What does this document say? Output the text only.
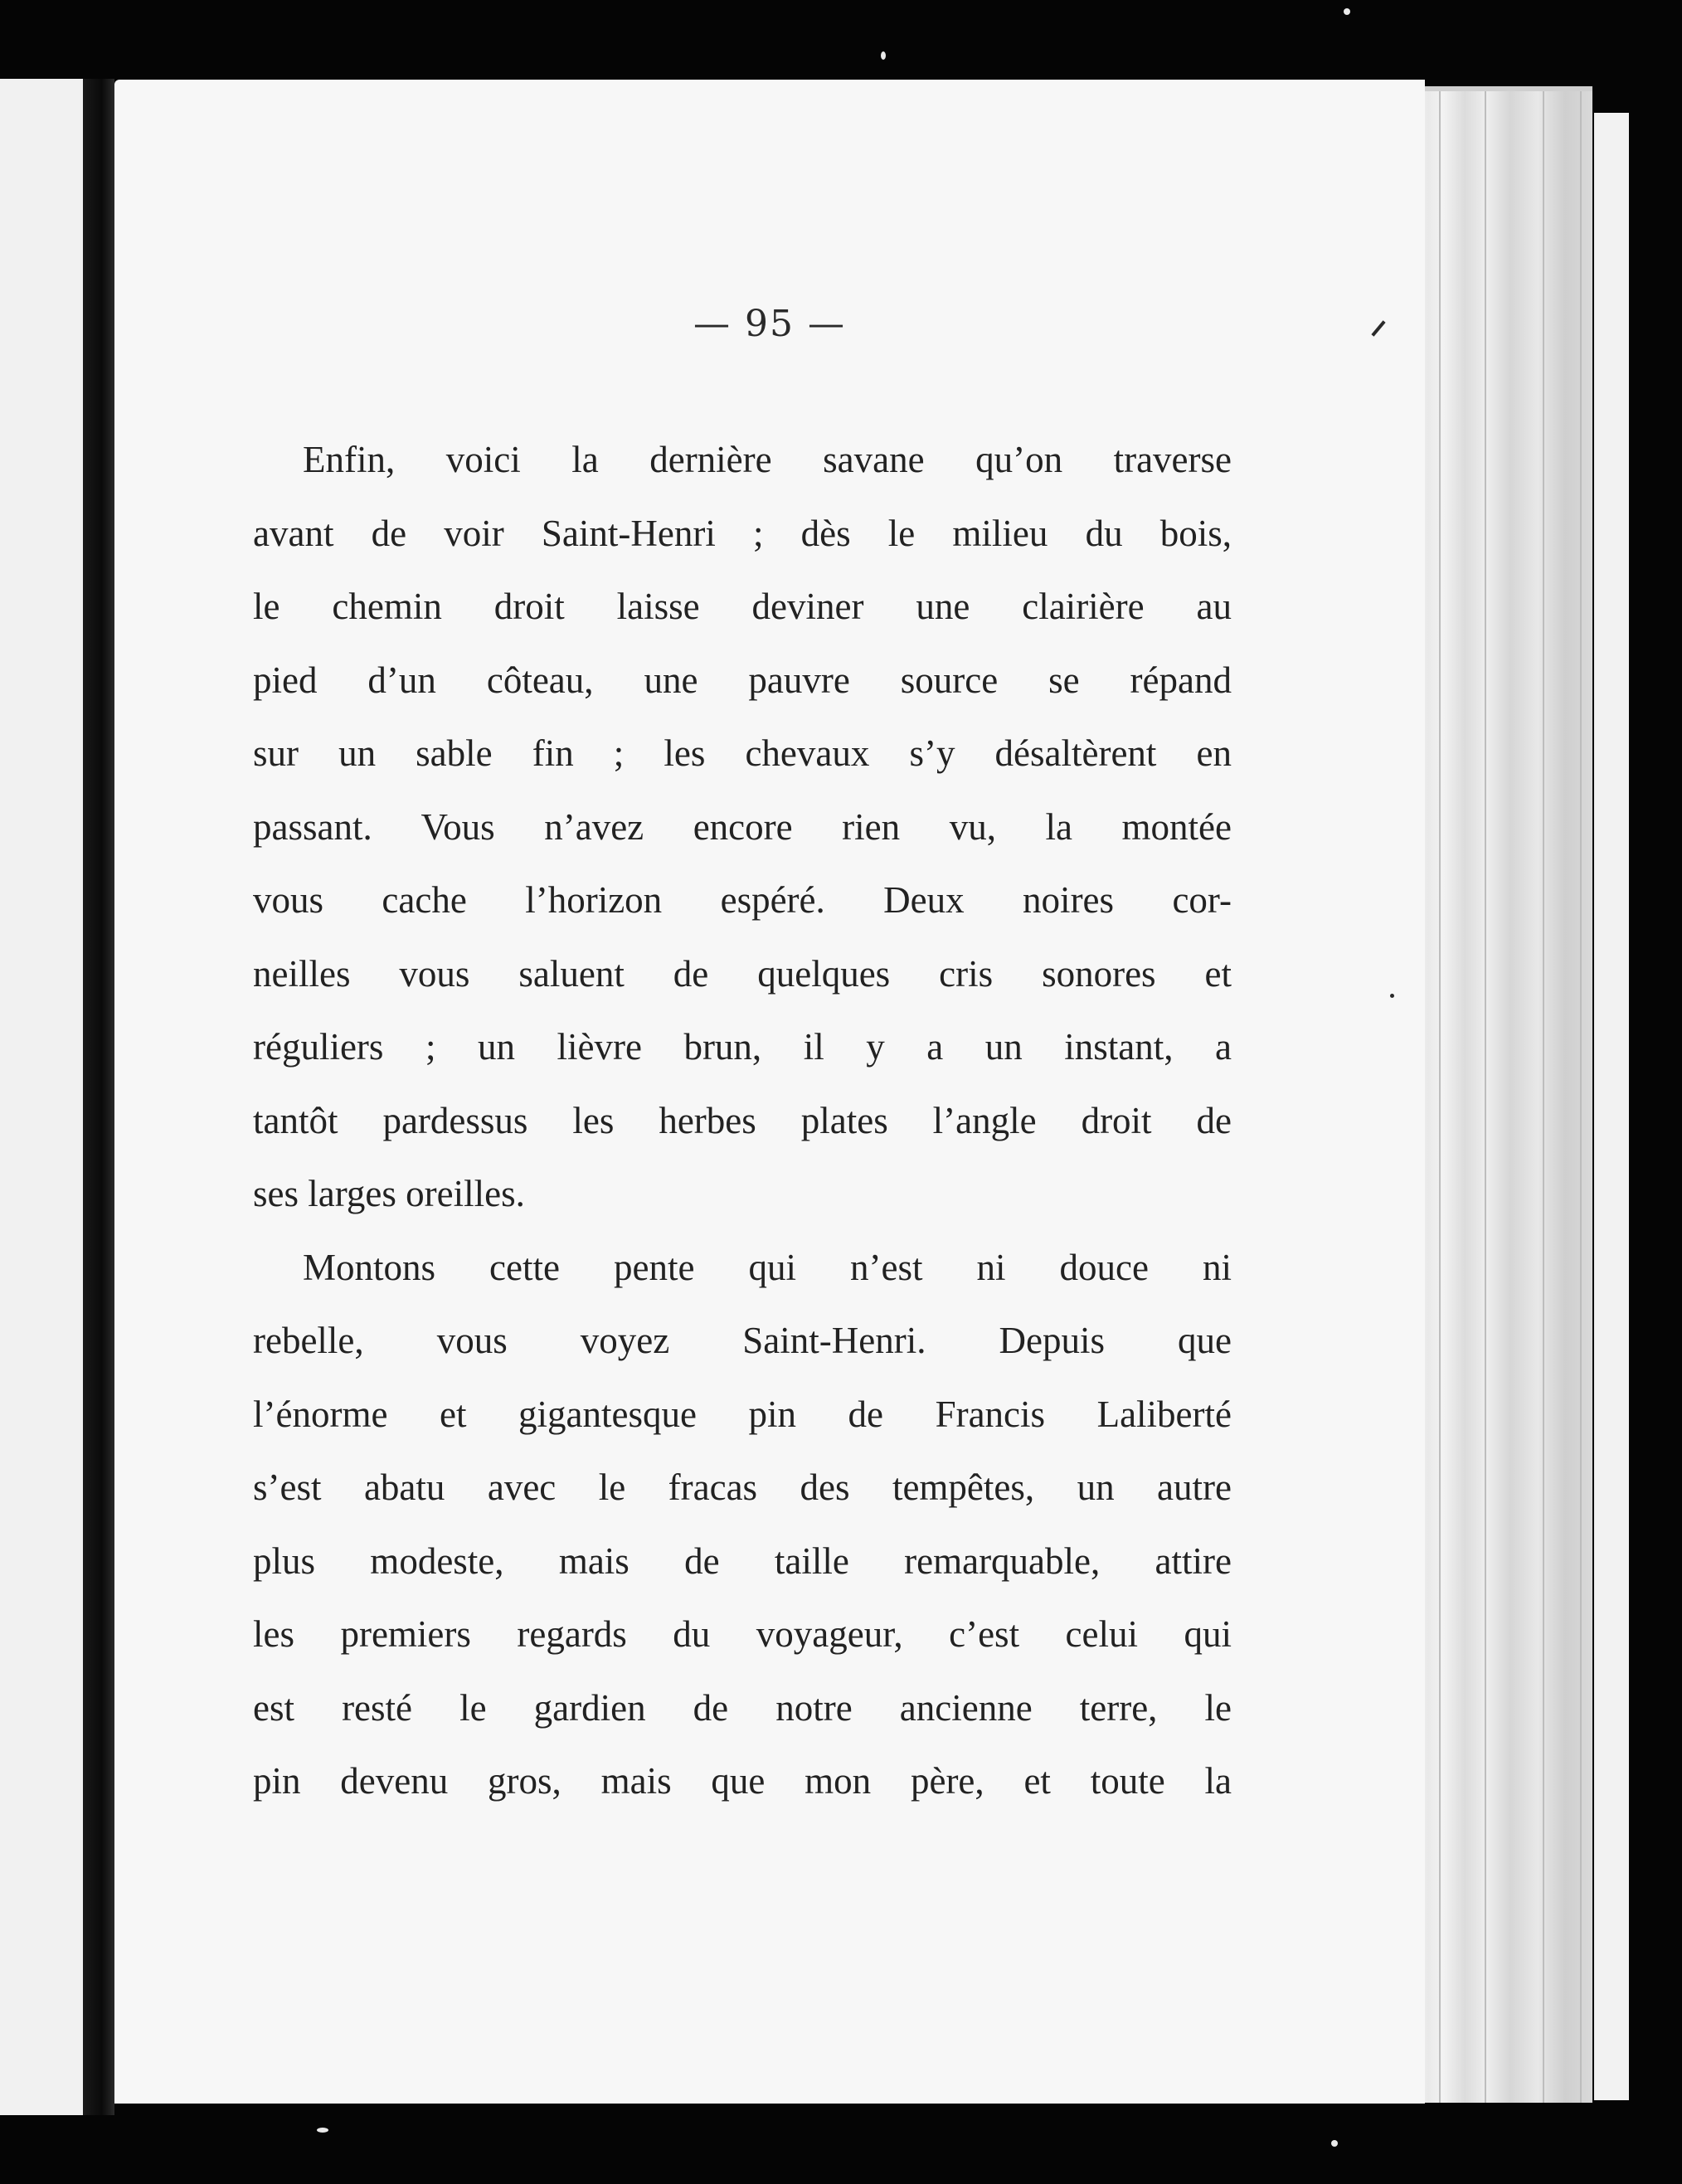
— 95 —
Enfin, voici la dernière savane qu’on traverse
avant de voir Saint-Henri ; dès le milieu du bois,
le chemin droit laisse deviner une clairière au
pied d’un côteau, une pauvre source se répand
sur un sable fin ; les chevaux s’y désaltèrent en
passant. Vous n’avez encore rien vu, la montée
vous cache l’horizon espéré. Deux noires cor-
neilles vous saluent de quelques cris sonores et
réguliers ; un lièvre brun, il y a un instant, a
tantôt pardessus les herbes plates l’angle droit de
ses larges oreilles.
Montons cette pente qui n’est ni douce ni
rebelle, vous voyez Saint-Henri. Depuis que
l’énorme et gigantesque pin de Francis Laliberté
s’est abatu avec le fracas des tempêtes, un autre
plus modeste, mais de taille remarquable, attire
les premiers regards du voyageur, c’est celui qui
est resté le gardien de notre ancienne terre, le
pin devenu gros, mais que mon père, et toute la
